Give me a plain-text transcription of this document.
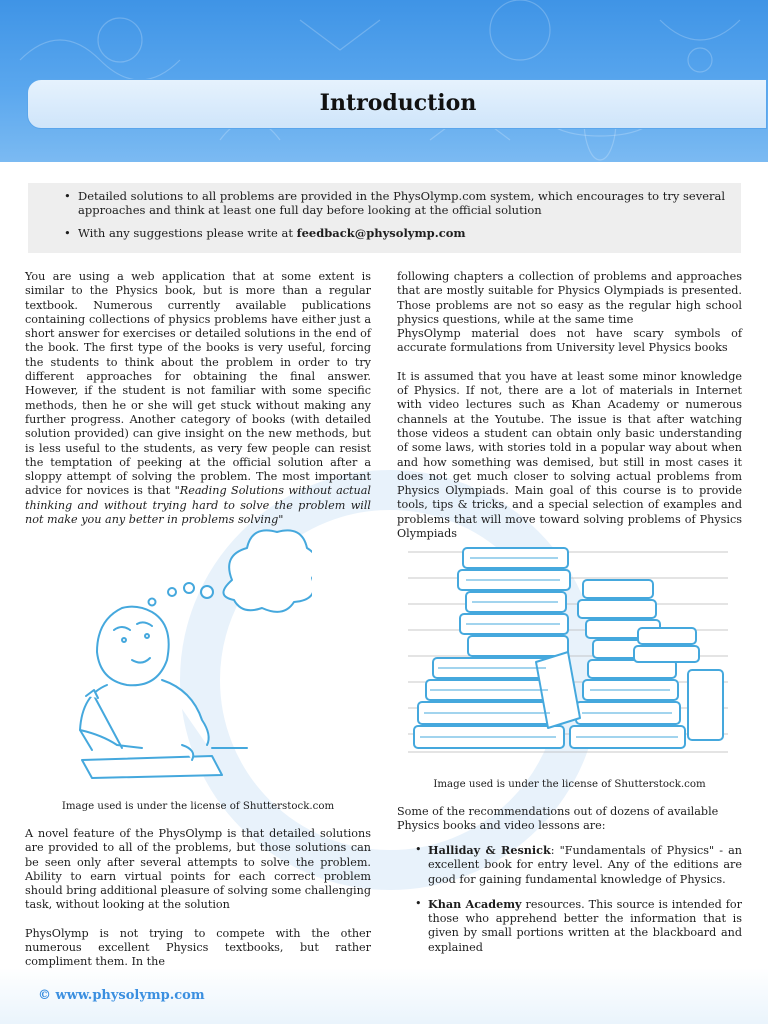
Introduction
• Detailed solutions to all problems are provided in the PhysOlymp.com system, which encourages to try several approaches and think at least one full day before looking at the official solution
• With any suggestions please write at feedback@physolymp.com

You are using a web application that at some extent is similar to the Physics book, but is more than a regular textbook. Numerous currently available publications containing collections of physics problems have either just a short answer for exercises or detailed solutions in the end of the book. The first type of the books is very useful, forcing the students to think about the problem in order to try different approaches for obtaining the final answer. However, if the student is not familiar with some specific methods, then he or she will get stuck without making any further progress. Another category of books (with detailed solution provided) can give insight on the new methods, but is less useful to the students, as very few people can resist the temptation of peeking at the official solution after a sloppy attempt of solving the problem. The most important advice for novices is that "Reading Solutions without actual thinking and without trying hard to solve the problem will not make you any better in problems solving"

Image used is under the license of Shutterstock.com

A novel feature of the PhysOlymp is that detailed solutions are provided to all of the problems, but those solutions can be seen only after several attempts to solve the problem. Ability to earn virtual points for each correct problem should bring additional pleasure of solving some challenging task, without looking at the solution

PhysOlymp is not trying to compete with the other numerous excellent Physics textbooks, but rather compliment them. In the

following chapters a collection of problems and approaches that are mostly suitable for Physics Olympiads is presented. Those problems are not so easy as the regular high school physics questions, while at the same time

PhysOlymp material does not have scary symbols of accurate formulations from University level Physics books

It is assumed that you have at least some minor knowledge of Physics. If not, there are a lot of materials in Internet with video lectures such as Khan Academy or numerous channels at the Youtube. The issue is that after watching those videos a student can obtain only basic understanding of some laws, with stories told in a popular way about when and how something was demised, but still in most cases it does not get much closer to solving actual problems from Physics Olympiads. Main goal of this course is to provide tools, tips & tricks, and a special selection of examples and problems that will move toward solving problems of Physics Olympiads

Image used is under the license of Shutterstock.com

Some of the recommendations out of dozens of available Physics books and video lessons are:

• Halliday & Resnick: "Fundamentals of Physics" - an excellent book for entry level. Any of the editions are good for gaining fundamental knowledge of Physics.
• Khan Academy resources. This source is intended for those who apprehend better the information that is given by small portions written at the blackboard and explained
© www.physolymp.com
